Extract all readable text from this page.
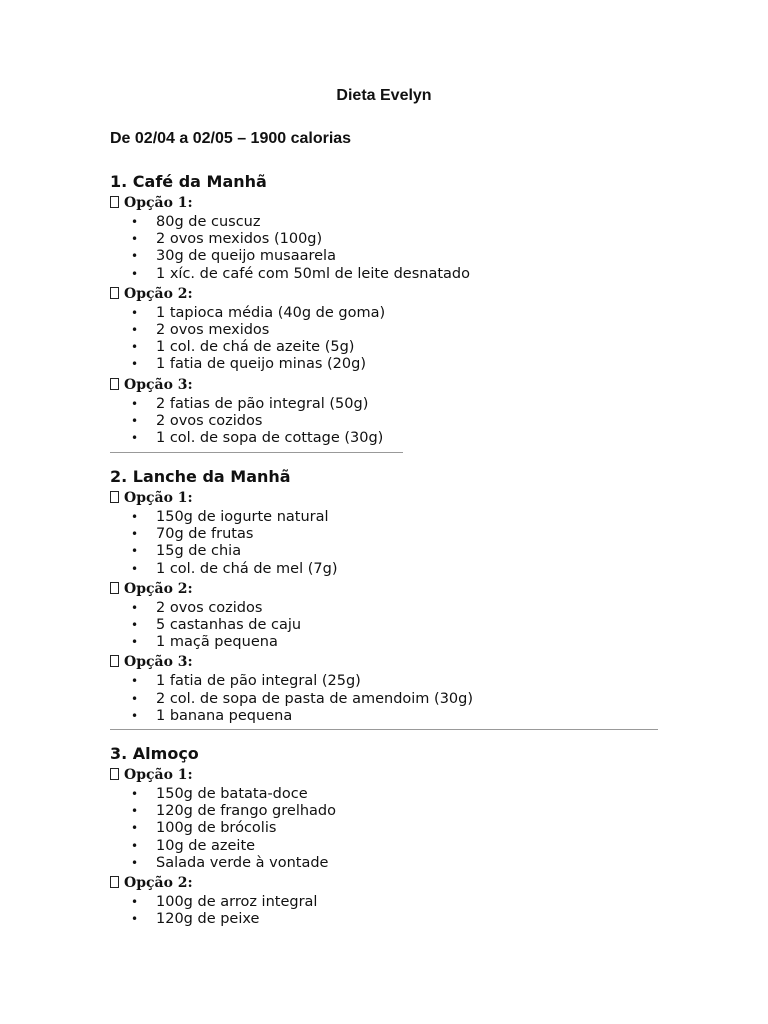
Dieta Evelyn
De 02/04 a 02/05 – 1900 calorias
1. Café da Manhã
Opção 1:
• 80g de cuscuz
• 2 ovos mexidos (100g)
• 30g de queijo musaarela
• 1 xíc. de café com 50ml de leite desnatado
Opção 2:
• 1 tapioca média (40g de goma)
• 2 ovos mexidos
• 1 col. de chá de azeite (5g)
• 1 fatia de queijo minas (20g)
Opção 3:
• 2 fatias de pão integral (50g)
• 2 ovos cozidos
• 1 col. de sopa de cottage (30g)
2. Lanche da Manhã
Opção 1:
• 150g de iogurte natural
• 70g de frutas
• 15g de chia
• 1 col. de chá de mel (7g)
Opção 2:
• 2 ovos cozidos
• 5 castanhas de caju
• 1 maçã pequena
Opção 3:
• 1 fatia de pão integral (25g)
• 2 col. de sopa de pasta de amendoim (30g)
• 1 banana pequena
3. Almoço
Opção 1:
• 150g de batata-doce
• 120g de frango grelhado
• 100g de brócolis
• 10g de azeite
• Salada verde à vontade
Opção 2:
• 100g de arroz integral
• 120g de peixe
